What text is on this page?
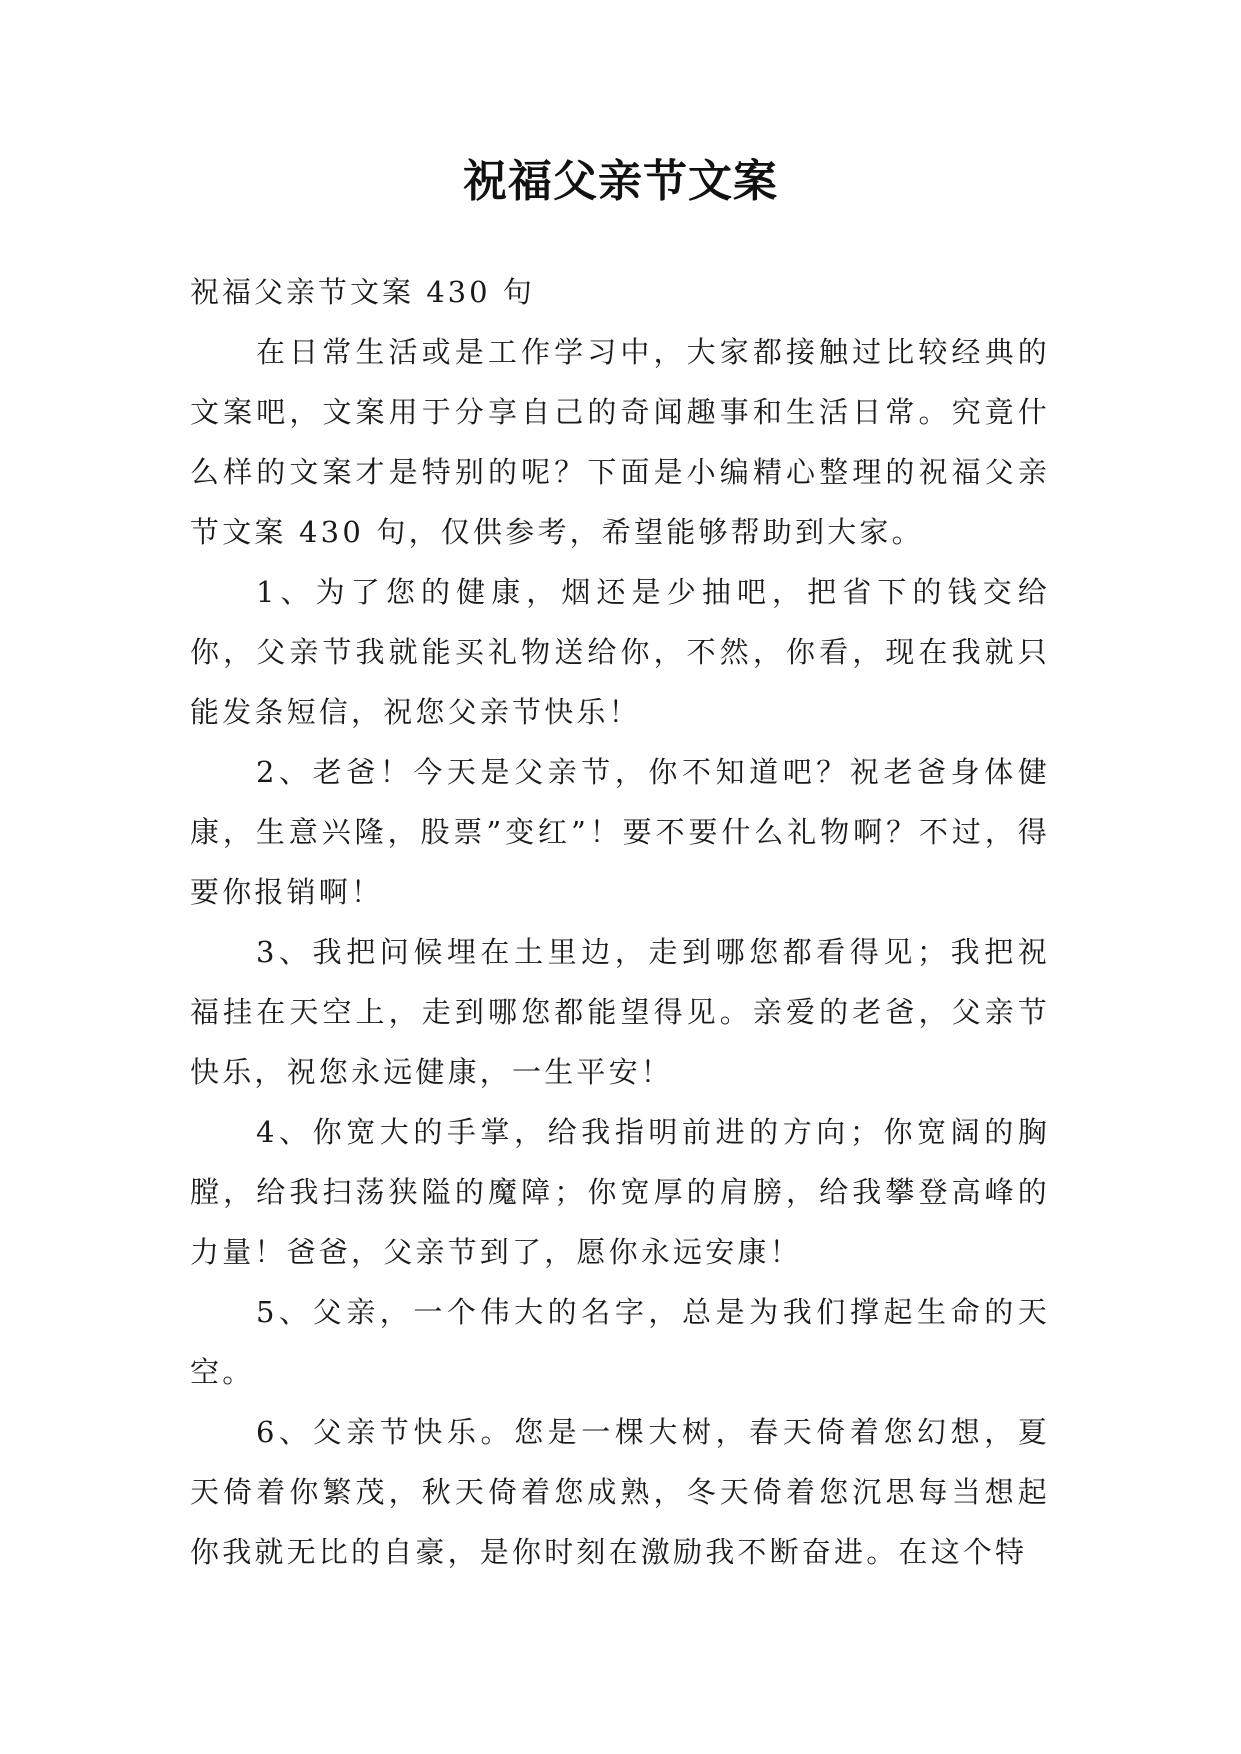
祝福父亲节文案

祝福父亲节文案 430 句

在日常生活或是工作学习中，大家都接触过比较经典的文案吧，文案用于分享自己的奇闻趣事和生活日常。究竟什么样的文案才是特别的呢？下面是小编精心整理的祝福父亲节文案 430 句，仅供参考，希望能够帮助到大家。

1、为了您的健康，烟还是少抽吧，把省下的钱交给你，父亲节我就能买礼物送给你，不然，你看，现在我就只能发条短信，祝您父亲节快乐！

2、老爸！今天是父亲节，你不知道吧？祝老爸身体健康，生意兴隆，股票”变红”！要不要什么礼物啊？不过，得要你报销啊！

3、我把问候埋在土里边，走到哪您都看得见；我把祝福挂在天空上，走到哪您都能望得见。亲爱的老爸，父亲节快乐，祝您永远健康，一生平安！

4、你宽大的手掌，给我指明前进的方向；你宽阔的胸膛，给我扫荡狭隘的魔障；你宽厚的肩膀，给我攀登高峰的力量！爸爸，父亲节到了，愿你永远安康！

5、父亲，一个伟大的名字，总是为我们撑起生命的天空。

6、父亲节快乐。您是一棵大树，春天倚着您幻想，夏天倚着你繁茂，秋天倚着您成熟，冬天倚着您沉思每当想起你我就无比的自豪，是你时刻在激励我不断奋进。在这个特
